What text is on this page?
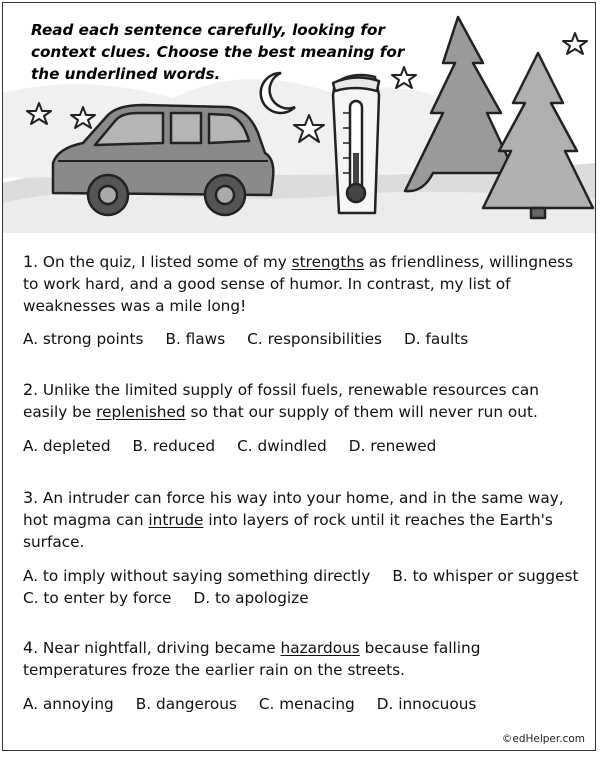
Read each sentence carefully, looking for context clues. Choose the best meaning for the underlined words.

1. On the quiz, I listed some of my strengths as friendliness, willingness to work hard, and a good sense of humor. In contrast, my list of weaknesses was a mile long!

A. strong points B. flaws C. responsibilities D. faults

2. Unlike the limited supply of fossil fuels, renewable resources can easily be replenished so that our supply of them will never run out.

A. depleted B. reduced C. dwindled D. renewed

3. An intruder can force his way into your home, and in the same way, hot magma can intrude into layers of rock until it reaches the Earth's surface.

A. to imply without saying something directly B. to whisper or suggest
C. to enter by force D. to apologize

4. Near nightfall, driving became hazardous because falling temperatures froze the earlier rain on the streets.

A. annoying B. dangerous C. menacing D. innocuous
©edHelper.com
